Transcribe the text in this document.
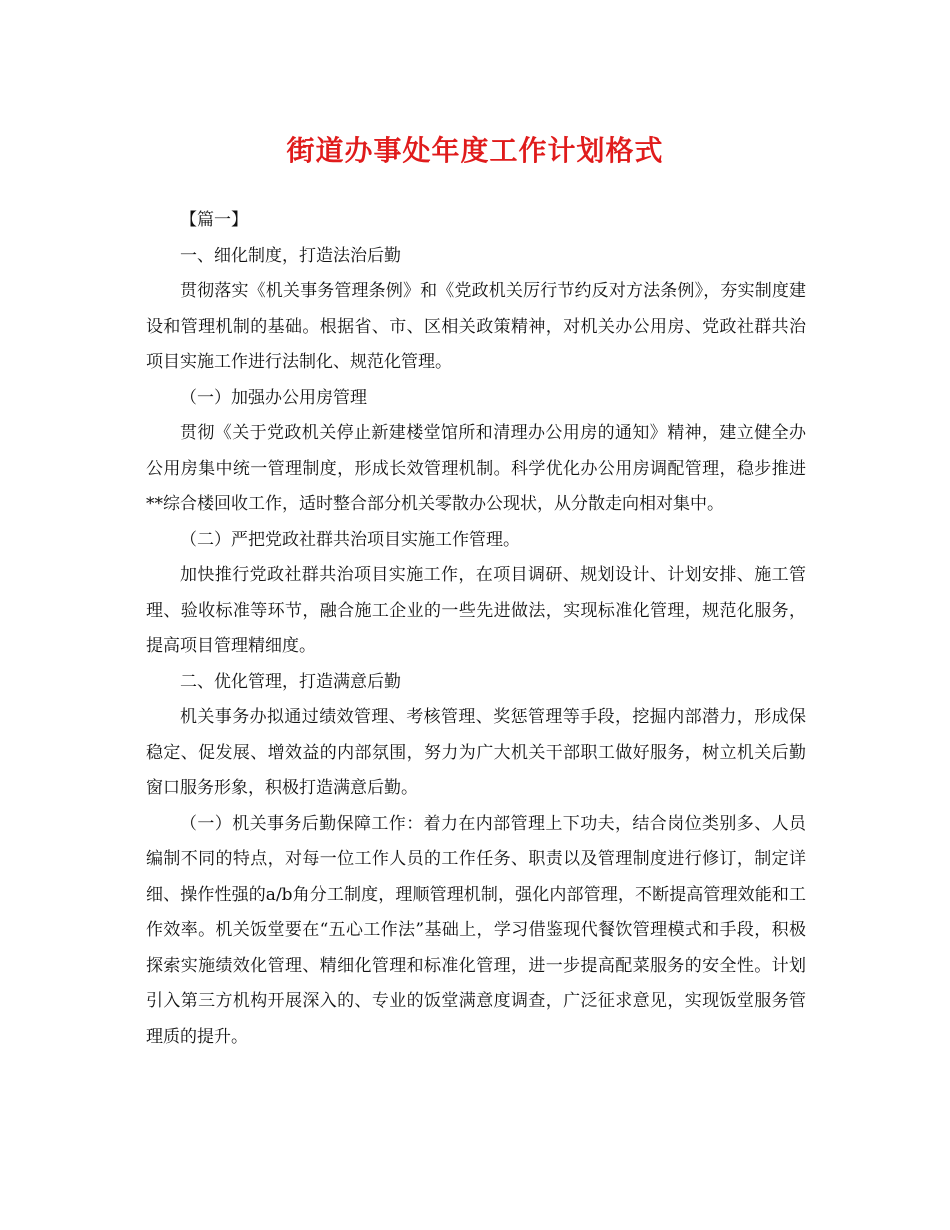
街道办事处年度工作计划格式

【篇一】

一、细化制度，打造法治后勤

贯彻落实《机关事务管理条例》和《党政机关厉行节约反对方法条例》，夯实制度建设和管理机制的基础。根据省、市、区相关政策精神，对机关办公用房、党政社群共治项目实施工作进行法制化、规范化管理。

（一）加强办公用房管理

贯彻《关于党政机关停止新建楼堂馆所和清理办公用房的通知》精神，建立健全办公用房集中统一管理制度，形成长效管理机制。科学优化办公用房调配管理，稳步推进**综合楼回收工作，适时整合部分机关零散办公现状，从分散走向相对集中。

（二）严把党政社群共治项目实施工作管理。

加快推行党政社群共治项目实施工作，在项目调研、规划设计、计划安排、施工管理、验收标准等环节，融合施工企业的一些先进做法，实现标准化管理，规范化服务，提高项目管理精细度。

二、优化管理，打造满意后勤

机关事务办拟通过绩效管理、考核管理、奖惩管理等手段，挖掘内部潜力，形成保稳定、促发展、增效益的内部氛围，努力为广大机关干部职工做好服务，树立机关后勤窗口服务形象，积极打造满意后勤。

（一）机关事务后勤保障工作：着力在内部管理上下功夫，结合岗位类别多、人员编制不同的特点，对每一位工作人员的工作任务、职责以及管理制度进行修订，制定详细、操作性强的a/b角分工制度，理顺管理机制，强化内部管理，不断提高管理效能和工作效率。机关饭堂要在“五心工作法”基础上，学习借鉴现代餐饮管理模式和手段，积极探索实施绩效化管理、精细化管理和标准化管理，进一步提高配菜服务的安全性。计划引入第三方机构开展深入的、专业的饭堂满意度调查，广泛征求意见，实现饭堂服务管理质的提升。
